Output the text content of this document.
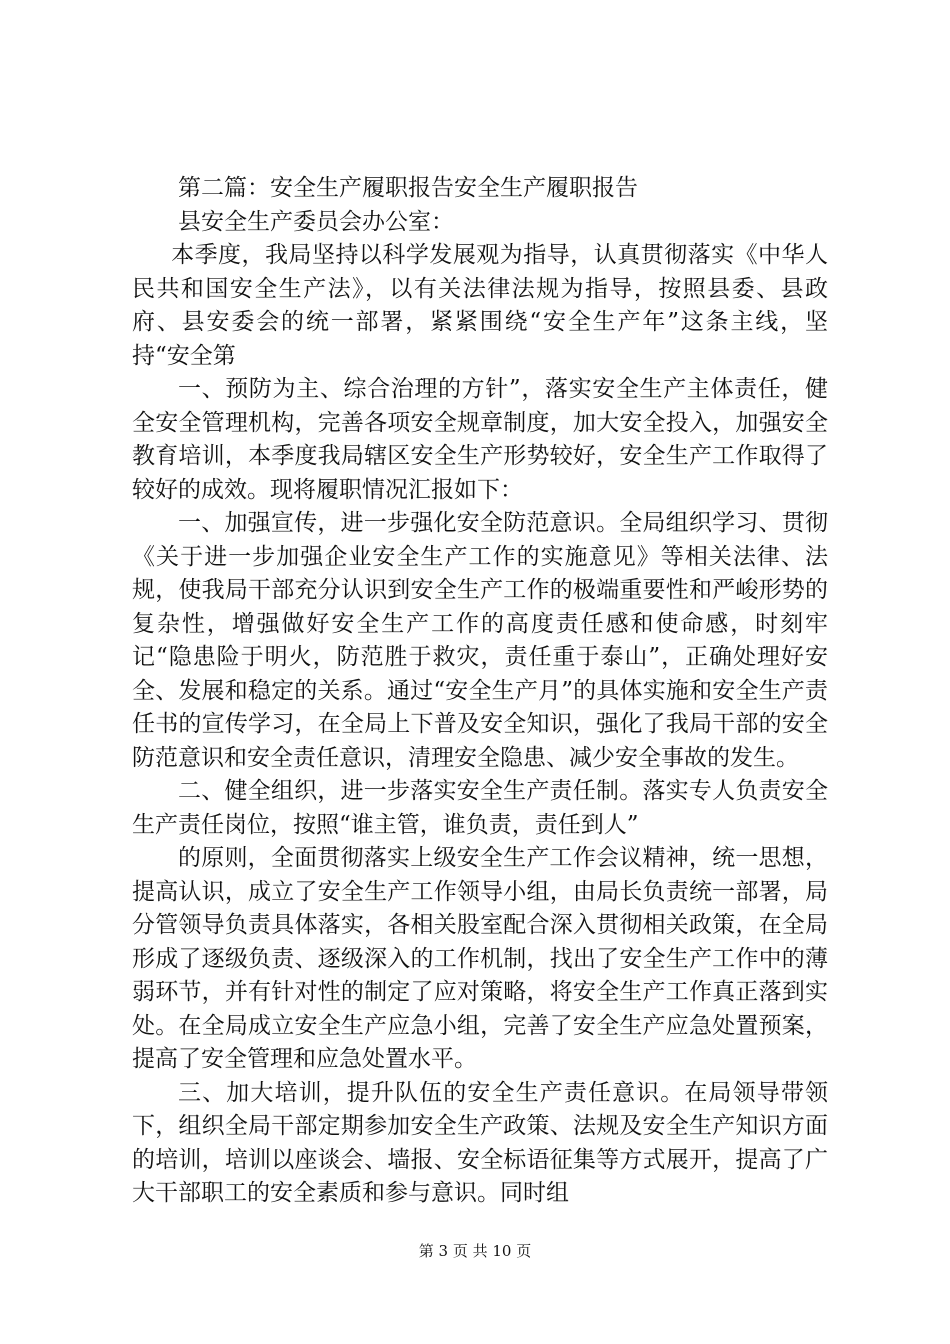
第二篇：安全生产履职报告安全生产履职报告

县安全生产委员会办公室：

本季度，我局坚持以科学发展观为指导，认真贯彻落实《中华人民共和国安全生产法》，以有关法律法规为指导，按照县委、县政府、县安委会的统一部署，紧紧围绕“安全生产年”这条主线，坚持“安全第

一、预防为主、综合治理的方针”，落实安全生产主体责任，健全安全管理机构，完善各项安全规章制度，加大安全投入，加强安全教育培训，本季度我局辖区安全生产形势较好，安全生产工作取得了较好的成效。现将履职情况汇报如下：

一、加强宣传，进一步强化安全防范意识。全局组织学习、贯彻《关于进一步加强企业安全生产工作的实施意见》等相关法律、法规，使我局干部充分认识到安全生产工作的极端重要性和严峻形势的复杂性，增强做好安全生产工作的高度责任感和使命感，时刻牢记“隐患险于明火，防范胜于救灾，责任重于泰山”，正确处理好安全、发展和稳定的关系。通过“安全生产月”的具体实施和安全生产责任书的宣传学习，在全局上下普及安全知识，强化了我局干部的安全防范意识和安全责任意识，清理安全隐患、减少安全事故的发生。

二、健全组织，进一步落实安全生产责任制。落实专人负责安全生产责任岗位，按照“谁主管，谁负责，责任到人”

的原则，全面贯彻落实上级安全生产工作会议精神，统一思想，提高认识，成立了安全生产工作领导小组，由局长负责统一部署，局分管领导负责具体落实，各相关股室配合深入贯彻相关政策，在全局形成了逐级负责、逐级深入的工作机制，找出了安全生产工作中的薄弱环节，并有针对性的制定了应对策略，将安全生产工作真正落到实处。在全局成立安全生产应急小组，完善了安全生产应急处置预案，提高了安全管理和应急处置水平。

三、加大培训，提升队伍的安全生产责任意识。在局领导带领下，组织全局干部定期参加安全生产政策、法规及安全生产知识方面的培训，培训以座谈会、墙报、安全标语征集等方式展开，提高了广大干部职工的安全素质和参与意识。同时组

第 3 页 共 10 页
